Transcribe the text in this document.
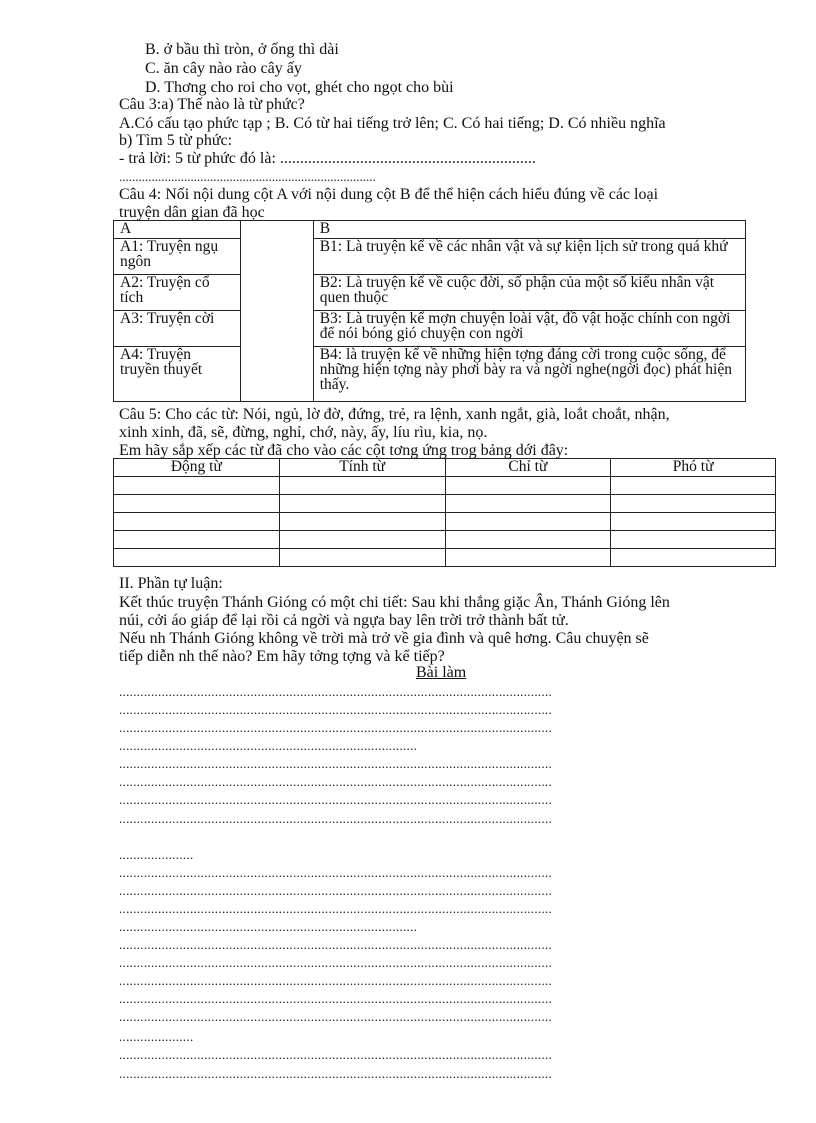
B. ở bầu thì tròn, ở ống thì dài
C. ăn cây nào rào cây ấy
D. Thơng cho roi cho vọt, ghét cho ngọt cho bùi
Câu 3:a) Thế nào là từ phức?
A.Có cấu tạo phức tạp ; B. Có từ hai tiếng trở lên; C. Có hai tiếng; D. Có nhiều nghĩa
b) Tìm 5 từ phức:
- trả lời: 5 từ phức đó là: ................................................................
...............................................................................
Câu 4: Nối nội dung cột A với nội dung cột B để thể hiện cách hiểu đúng về các loại
truyện dân gian đã học
A		B
A1: Truyện ngụ ngôn		B1: Là truyện kể về các nhân vật và sự kiện lịch sử trong quá khứ
A2: Truyện cổ tích		B2: Là truyện kể về cuộc đời, số phận của một số kiểu nhân vật quen thuộc
A3: Truyện cời		B3: Là truyện kể mợn chuyện loài vật, đồ vật hoặc chính con ngời để nói bóng gió chuyện con ngời
A4: Truyện truyền thuyết		B4: là truyện kể về những hiện tợng đáng cời trong cuộc sống, để những hiện tợng này phơi bày ra và ngời nghe(ngời đọc) phát hiện thấy.
Câu 5: Cho các từ: Nói, ngủ, lờ đờ, đứng, trẻ, ra lệnh, xanh ngắt, già, loắt choắt, nhận,
xinh xinh, đã, sẽ, đừng, nghỉ, chớ, này, ấy, líu rìu, kia, nọ.
Em hãy sắp xếp các từ đã cho vào các cột tơng ứng trog bảng dới đây:
Động từ	Tính từ	Chỉ từ	Phó từ

II. Phần tự luận:
Kết thúc truyện Thánh Gióng có một chi tiết: Sau khi thắng giặc Ân, Thánh Gióng lên
núi, cởi áo giáp để lại rồi cả ngời và ngựa bay lên trời trở thành bất tử.
Nếu nh Thánh Gióng không về trời mà trở về gia đình và quê hơng. Câu chuyện sẽ
tiếp diễn nh thế nào? Em hãy tởng tợng và kể tiếp?
Bài làm
..........................................................................................................................
..........................................................................................................................
..........................................................................................................................
....................................................................................
..........................................................................................................................
..........................................................................................................................
..........................................................................................................................
..........................................................................................................................
.....................
..........................................................................................................................
..........................................................................................................................
..........................................................................................................................
....................................................................................
..........................................................................................................................
..........................................................................................................................
..........................................................................................................................
..........................................................................................................................
..........................................................................................................................
.....................
..........................................................................................................................
..........................................................................................................................
